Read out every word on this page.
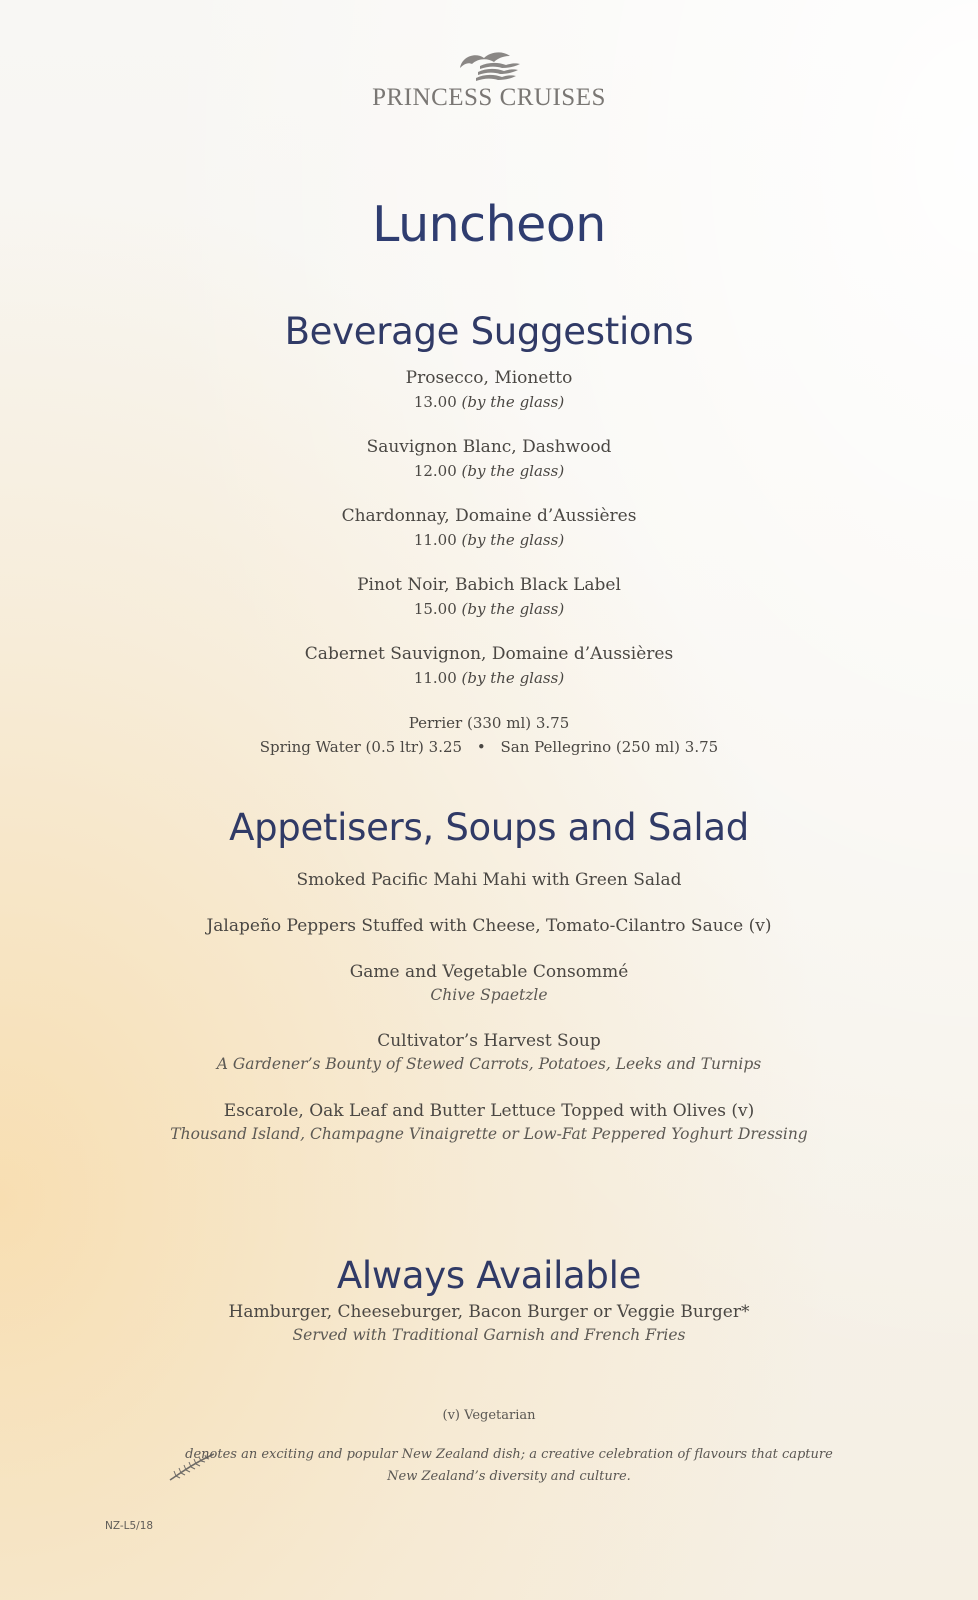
PRINCESS CRUISES
Luncheon
Beverage Suggestions
Prosecco, Mionetto
13.00 (by the glass)
Sauvignon Blanc, Dashwood
12.00 (by the glass)
Chardonnay, Domaine d’Aussières
11.00 (by the glass)
Pinot Noir, Babich Black Label
15.00 (by the glass)
Cabernet Sauvignon, Domaine d’Aussières
11.00 (by the glass)
Perrier (330 ml) 3.75
Spring Water (0.5 ltr) 3.25 • San Pellegrino (250 ml) 3.75
Appetisers, Soups and Salad
Smoked Pacific Mahi Mahi with Green Salad
Jalapeño Peppers Stuffed with Cheese, Tomato-Cilantro Sauce (v)
Game and Vegetable Consommé
Chive Spaetzle
Cultivator’s Harvest Soup
A Gardener’s Bounty of Stewed Carrots, Potatoes, Leeks and Turnips
Escarole, Oak Leaf and Butter Lettuce Topped with Olives (v)
Thousand Island, Champagne Vinaigrette or Low-Fat Peppered Yoghurt Dressing
Always Available
Hamburger, Cheeseburger, Bacon Burger or Veggie Burger*
Served with Traditional Garnish and French Fries
(v) Vegetarian
denotes an exciting and popular New Zealand dish; a creative celebration of flavours that capture
New Zealand’s diversity and culture.
NZ-L5/18
